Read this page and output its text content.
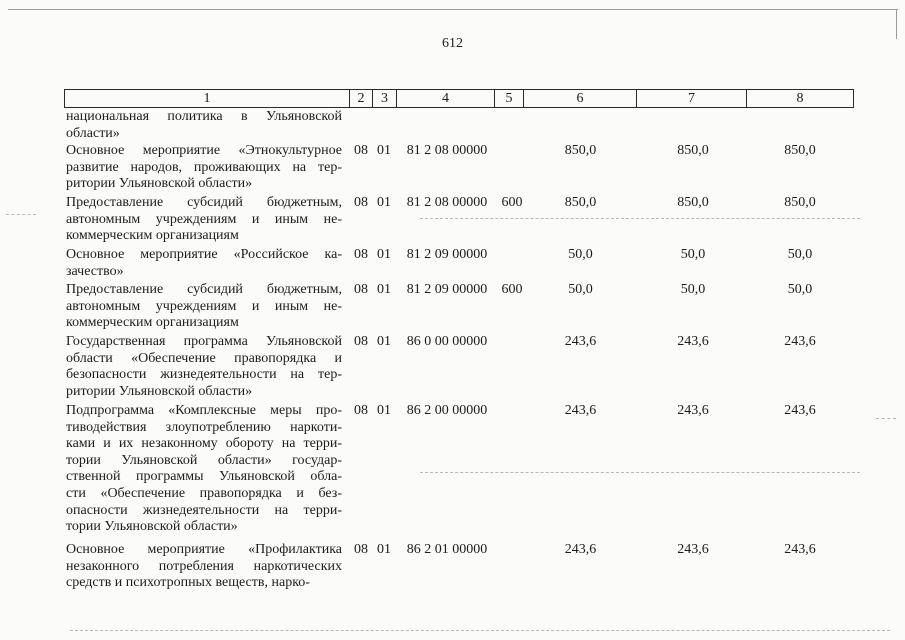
612
1	2	3	4	5	6	7	8
национальная политика в Ульяновской
области»
Основное мероприятие «Этнокультурное
развитие народов, проживающих на тер-
ритории Ульяновской области»
08 01	81 2 08 00000	850,0	850,0	850,0
Предоставление субсидий бюджетным,
автономным учреждениям и иным не-
коммерческим организациям
08 01	81 2 08 00000	600	850,0	850,0	850,0
Основное мероприятие «Российское ка-
зачество»
08 01	81 2 09 00000	50,0	50,0	50,0
Предоставление субсидий бюджетным,
автономным учреждениям и иным не-
коммерческим организациям
08 01	81 2 09 00000	600	50,0	50,0	50,0
Государственная программа Ульяновской
области «Обеспечение правопорядка и
безопасности жизнедеятельности на тер-
ритории Ульяновской области»
08 01	86 0 00 00000	243,6	243,6	243,6
Подпрограмма «Комплексные меры про-
тиводействия злоупотреблению наркоти-
ками и их незаконному обороту на терри-
тории Ульяновской области» государ-
ственной программы Ульяновской обла-
сти «Обеспечение правопорядка и без-
опасности жизнедеятельности на терри-
тории Ульяновской области»
08 01	86 2 00 00000	243,6	243,6	243,6
Основное мероприятие «Профилактика
незаконного потребления наркотических
средств и психотропных веществ, нарко-
08 01	86 2 01 00000	243,6	243,6	243,6
